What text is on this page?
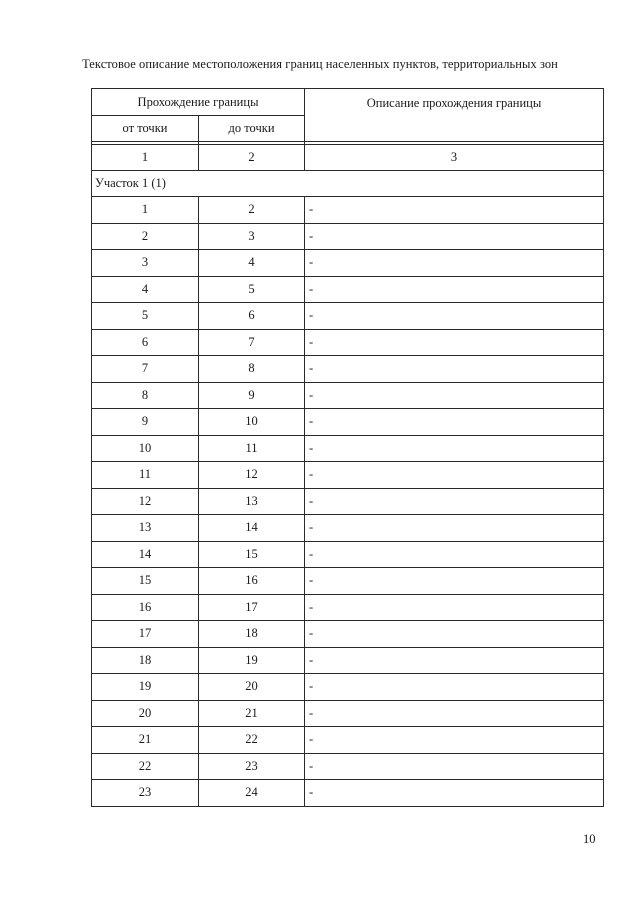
Текстовое описание местоположения границ населенных пунктов, территориальных зон
Прохождение границы		Описание прохождения границы
от точки	до точки	

1	2	3
Участок 1 (1)		
1	2	-
2	3	-
3	4	-
4	5	-
5	6	-
6	7	-
7	8	-
8	9	-
9	10	-
10	11	-
11	12	-
12	13	-
13	14	-
14	15	-
15	16	-
16	17	-
17	18	-
18	19	-
19	20	-
20	21	-
21	22	-
22	23	-
23	24	-
10
